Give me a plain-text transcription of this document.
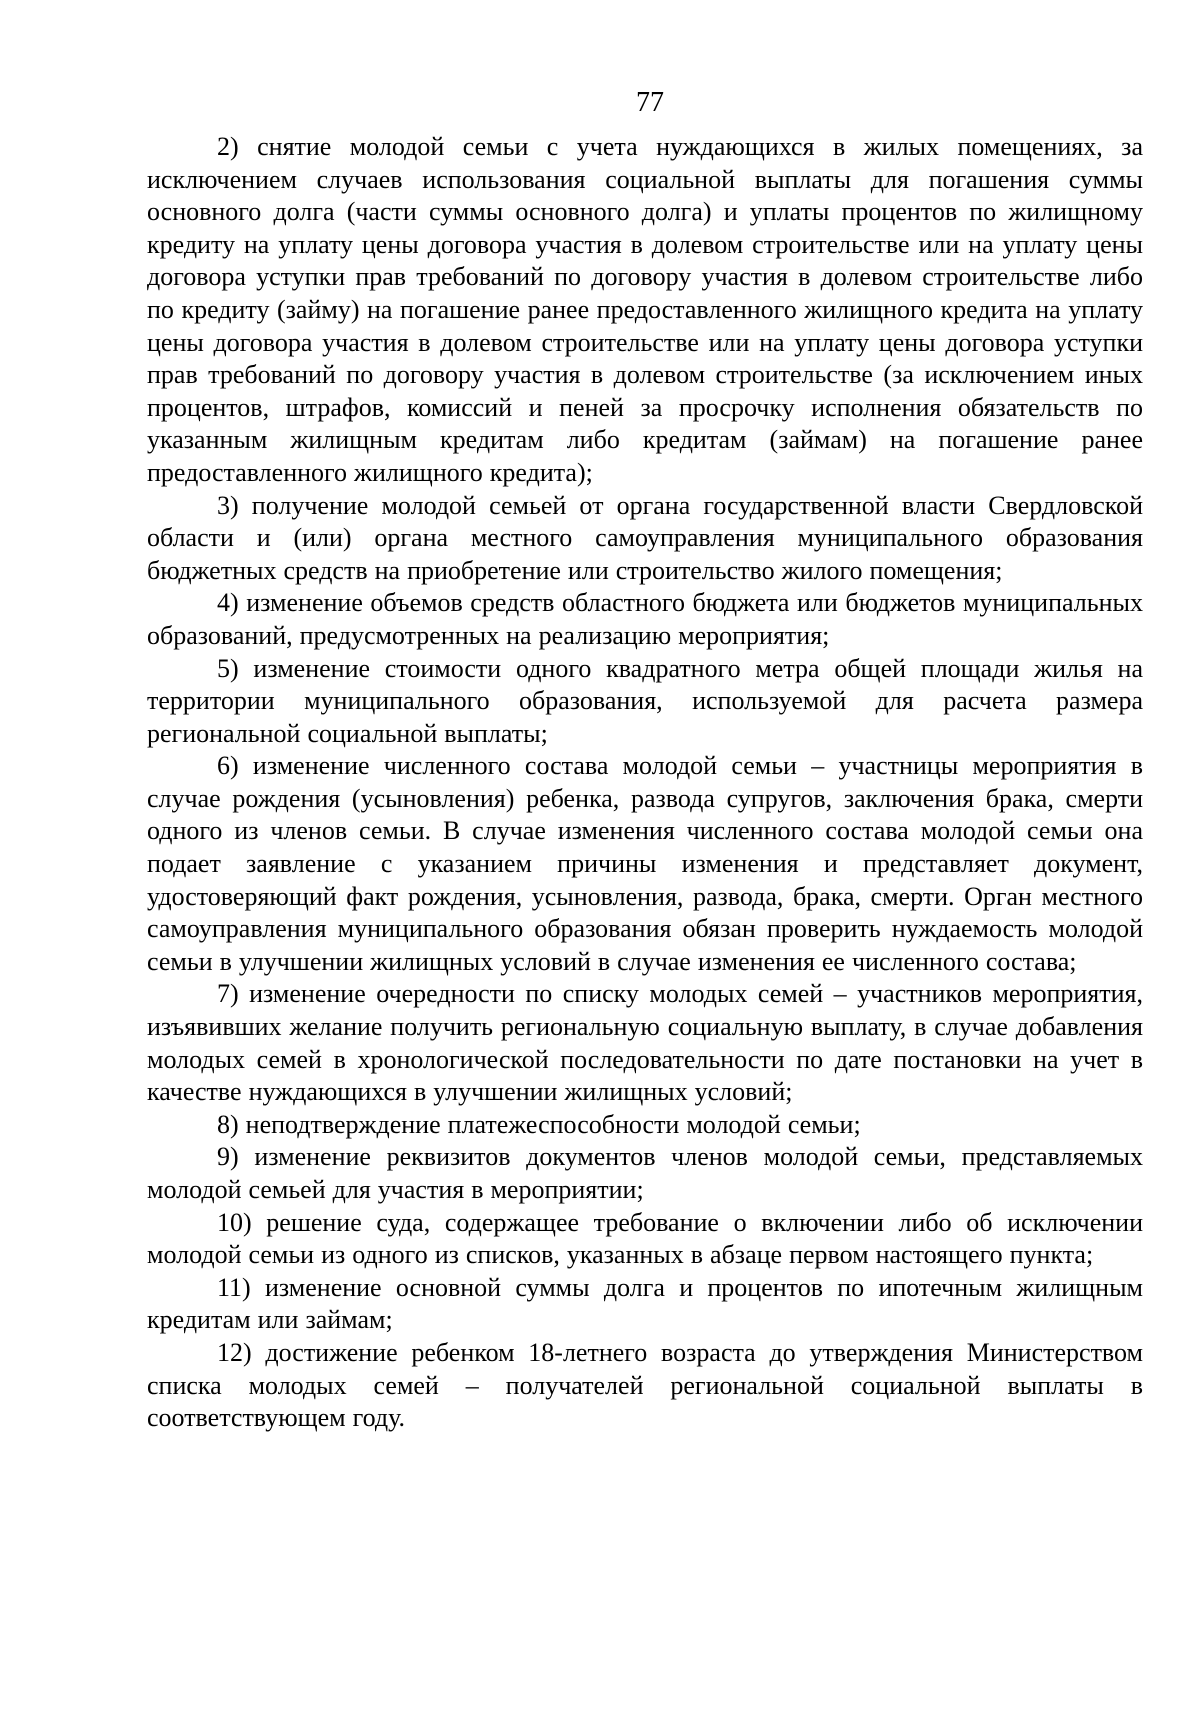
77

2) снятие молодой семьи с учета нуждающихся в жилых помещениях, за исключением случаев использования социальной выплаты для погашения суммы основного долга (части суммы основного долга) и уплаты процентов по жилищному кредиту на уплату цены договора участия в долевом строительстве или на уплату цены договора уступки прав требований по договору участия в долевом строительстве либо по кредиту (займу) на погашение ранее предоставленного жилищного кредита на уплату цены договора участия в долевом строительстве или на уплату цены договора уступки прав требований по договору участия в долевом строительстве (за исключением иных процентов, штрафов, комиссий и пеней за просрочку исполнения обязательств по указанным жилищным кредитам либо кредитам (займам) на погашение ранее предоставленного жилищного кредита);

3) получение молодой семьей от органа государственной власти Свердловской области и (или) органа местного самоуправления муниципального образования бюджетных средств на приобретение или строительство жилого помещения;

4) изменение объемов средств областного бюджета или бюджетов муниципальных образований, предусмотренных на реализацию мероприятия;

5) изменение стоимости одного квадратного метра общей площади жилья на территории муниципального образования, используемой для расчета размера региональной социальной выплаты;

6) изменение численного состава молодой семьи – участницы мероприятия в случае рождения (усыновления) ребенка, развода супругов, заключения брака, смерти одного из членов семьи. В случае изменения численного состава молодой семьи она подает заявление с указанием причины изменения и представляет документ, удостоверяющий факт рождения, усыновления, развода, брака, смерти. Орган местного самоуправления муниципального образования обязан проверить нуждаемость молодой семьи в улучшении жилищных условий в случае изменения ее численного состава;

7) изменение очередности по списку молодых семей – участников мероприятия, изъявивших желание получить региональную социальную выплату, в случае добавления молодых семей в хронологической последовательности по дате постановки на учет в качестве нуждающихся в улучшении жилищных условий;

8) неподтверждение платежеспособности молодой семьи;

9) изменение реквизитов документов членов молодой семьи, представляемых молодой семьей для участия в мероприятии;

10) решение суда, содержащее требование о включении либо об исключении молодой семьи из одного из списков, указанных в абзаце первом настоящего пункта;

11) изменение основной суммы долга и процентов по ипотечным жилищным кредитам или займам;

12) достижение ребенком 18-летнего возраста до утверждения Министерством списка молодых семей – получателей региональной социальной выплаты в соответствующем году.
